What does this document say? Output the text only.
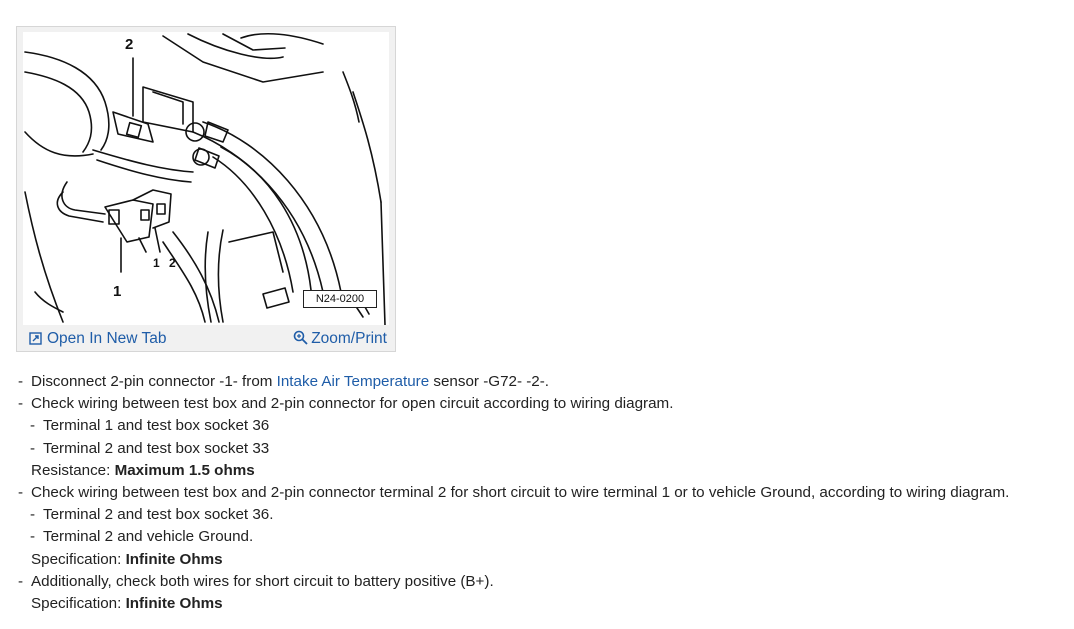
2
1
1 2
N24-0200
Open In New Tab	Zoom/Print
- Disconnect 2-pin connector -1- from Intake Air Temperature sensor -G72- -2-.
- Check wiring between test box and 2-pin connector for open circuit according to wiring diagram.
- Terminal 1 and test box socket 36
- Terminal 2 and test box socket 33
Resistance: Maximum 1.5 ohms
- Check wiring between test box and 2-pin connector terminal 2 for short circuit to wire terminal 1 or to vehicle Ground, according to wiring diagram.
- Terminal 2 and test box socket 36.
- Terminal 2 and vehicle Ground.
Specification: Infinite Ohms
- Additionally, check both wires for short circuit to battery positive (B+).
Specification: Infinite Ohms
